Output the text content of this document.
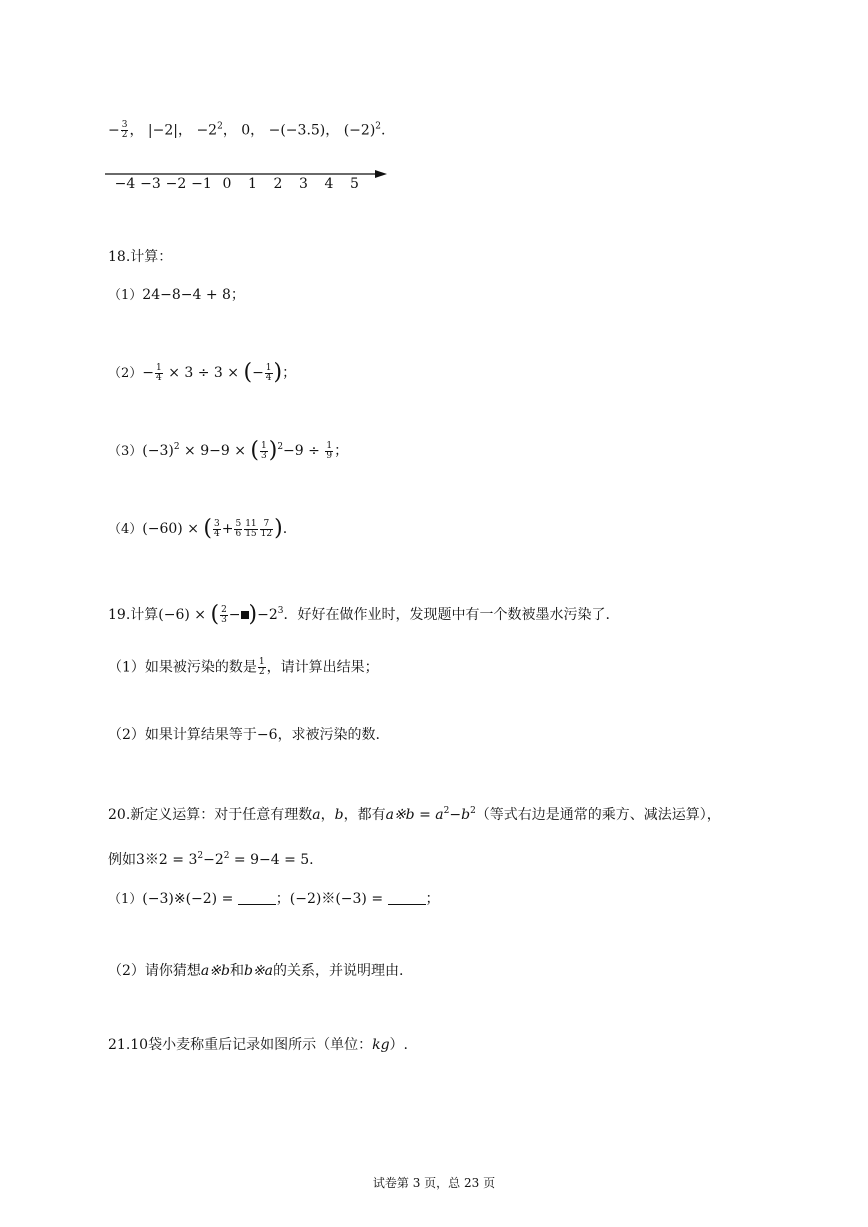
− $\frac{3}{2}$ ， |−2|， $-2^2$， 0， −(−3.5)， $(-2)^2$.
−4 −3 −2 −1 0 1 2 3 4 5
18.计算：
（1）24−8−4 + 8；
$(2)- \frac{1}{4} \times 3 \div 3$ × (− $\frac{1}{4}$ )；
$(3)(-3)^2 \times 9-9$ × ( $\frac{1}{3} )^2-9 \div \frac{1}{9}$ ；
（4）(−60) × ( $\frac{3}{4} + \frac{5}{6} \frac{11}{15} \frac{7}{12}$ ).
19.计算(−6) × ( $\frac{2}{3} - )-2^3$．好好在做作业时，发现题中有一个数被墨水污染了.
（1）如果被污染的数是 $\frac{1}{2}$ ，请计算出结果；
（2）如果计算结果等于−6，求被污染的数.
20.新定义运算：对于任意有理数a，b，都有a※b = $a^2-b^2$（等式右边是通常的乘方、减法运算），
例如3※2 = $3^2-2^2 = 9-4 = 5$.
（1）(−3)※(−2) =	；(−2)※(−3) =	；
（2）请你猜想a※b和b※a的关系，并说明理由.
21.10袋小麦称重后记录如图所示（单位：kg）.
试卷第 3 页，总 23 页
